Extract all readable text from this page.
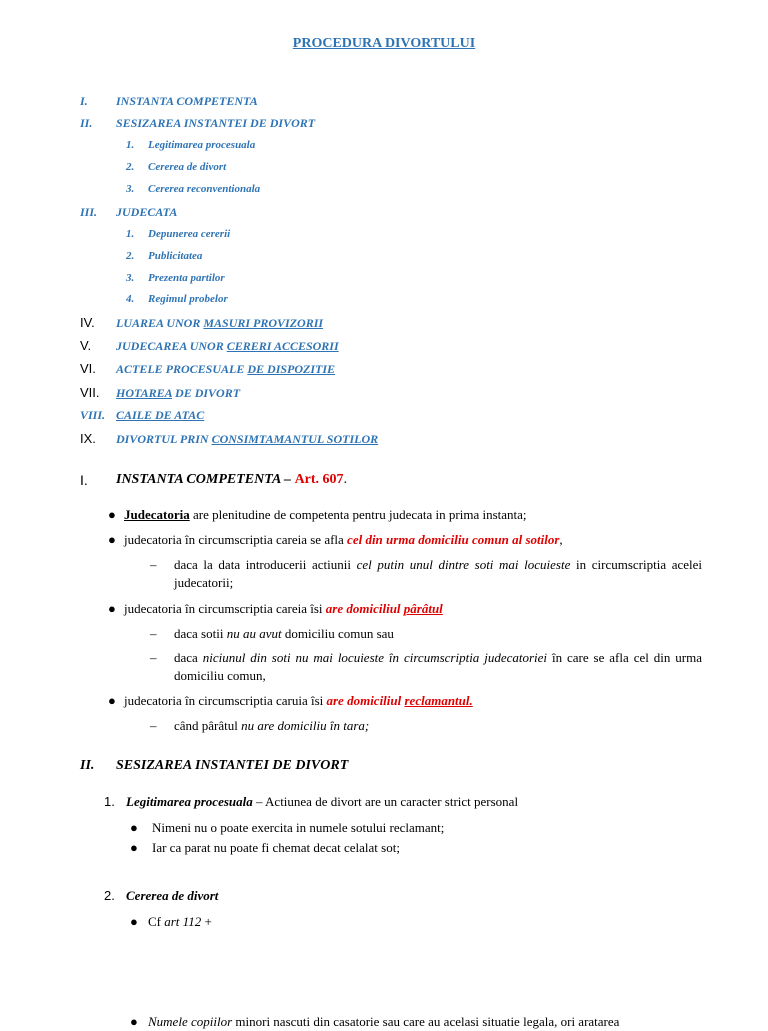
PROCEDURA DIVORTULUI
I. INSTANTA COMPETENTA
II. SESIZAREA INSTANTEI DE DIVORT
1. Legitimarea procesuala
2. Cererea de divort
3. Cererea reconventionala
III. JUDECATA
1. Depunerea cererii
2. Publicitatea
3. Prezenta partilor
4. Regimul probelor
IV. LUAREA UNOR MASURI PROVIZORII
V. JUDECAREA UNOR CERERI ACCESORII
VI. ACTELE PROCESUALE DE DISPOZITIE
VII. HOTAREA DE DIVORT
VIII. CAILE DE ATAC
IX. DIVORTUL PRIN CONSIMTAMANTUL SOTILOR
I. INSTANTA COMPETENTA – Art. 607.
● Judecatoria are plenitudine de competenta pentru judecata in prima instanta;
● judecatoria în circumscriptia careia se afla cel din urma domiciliu comun al sotilor,
– daca la data introducerii actiunii cel putin unul dintre soti mai locuieste in circumscriptia acelei judecatorii;
● judecatoria în circumscriptia careia îsi are domiciliul pârâtul
– daca sotii nu au avut domiciliu comun sau
– daca niciunul din soti nu mai locuieste în circumscriptia judecatoriei în care se afla cel din urma domiciliu comun,
● judecatoria în circumscriptia caruia îsi are domiciliul reclamantul.
– când pârâtul nu are domiciliu în tara;
II. SESIZAREA INSTANTEI DE DIVORT
1. Legitimarea procesuala – Actiunea de divort are un caracter strict personal
● Nimeni nu o poate exercita in numele sotului reclamant;
● Iar ca parat nu poate fi chemat decat celalat sot;
2. Cererea de divort
● Cf art 112 +
● Numele copiilor minori nascuti din casatorie sau care au acelasi situatie legala, ori aratarea
